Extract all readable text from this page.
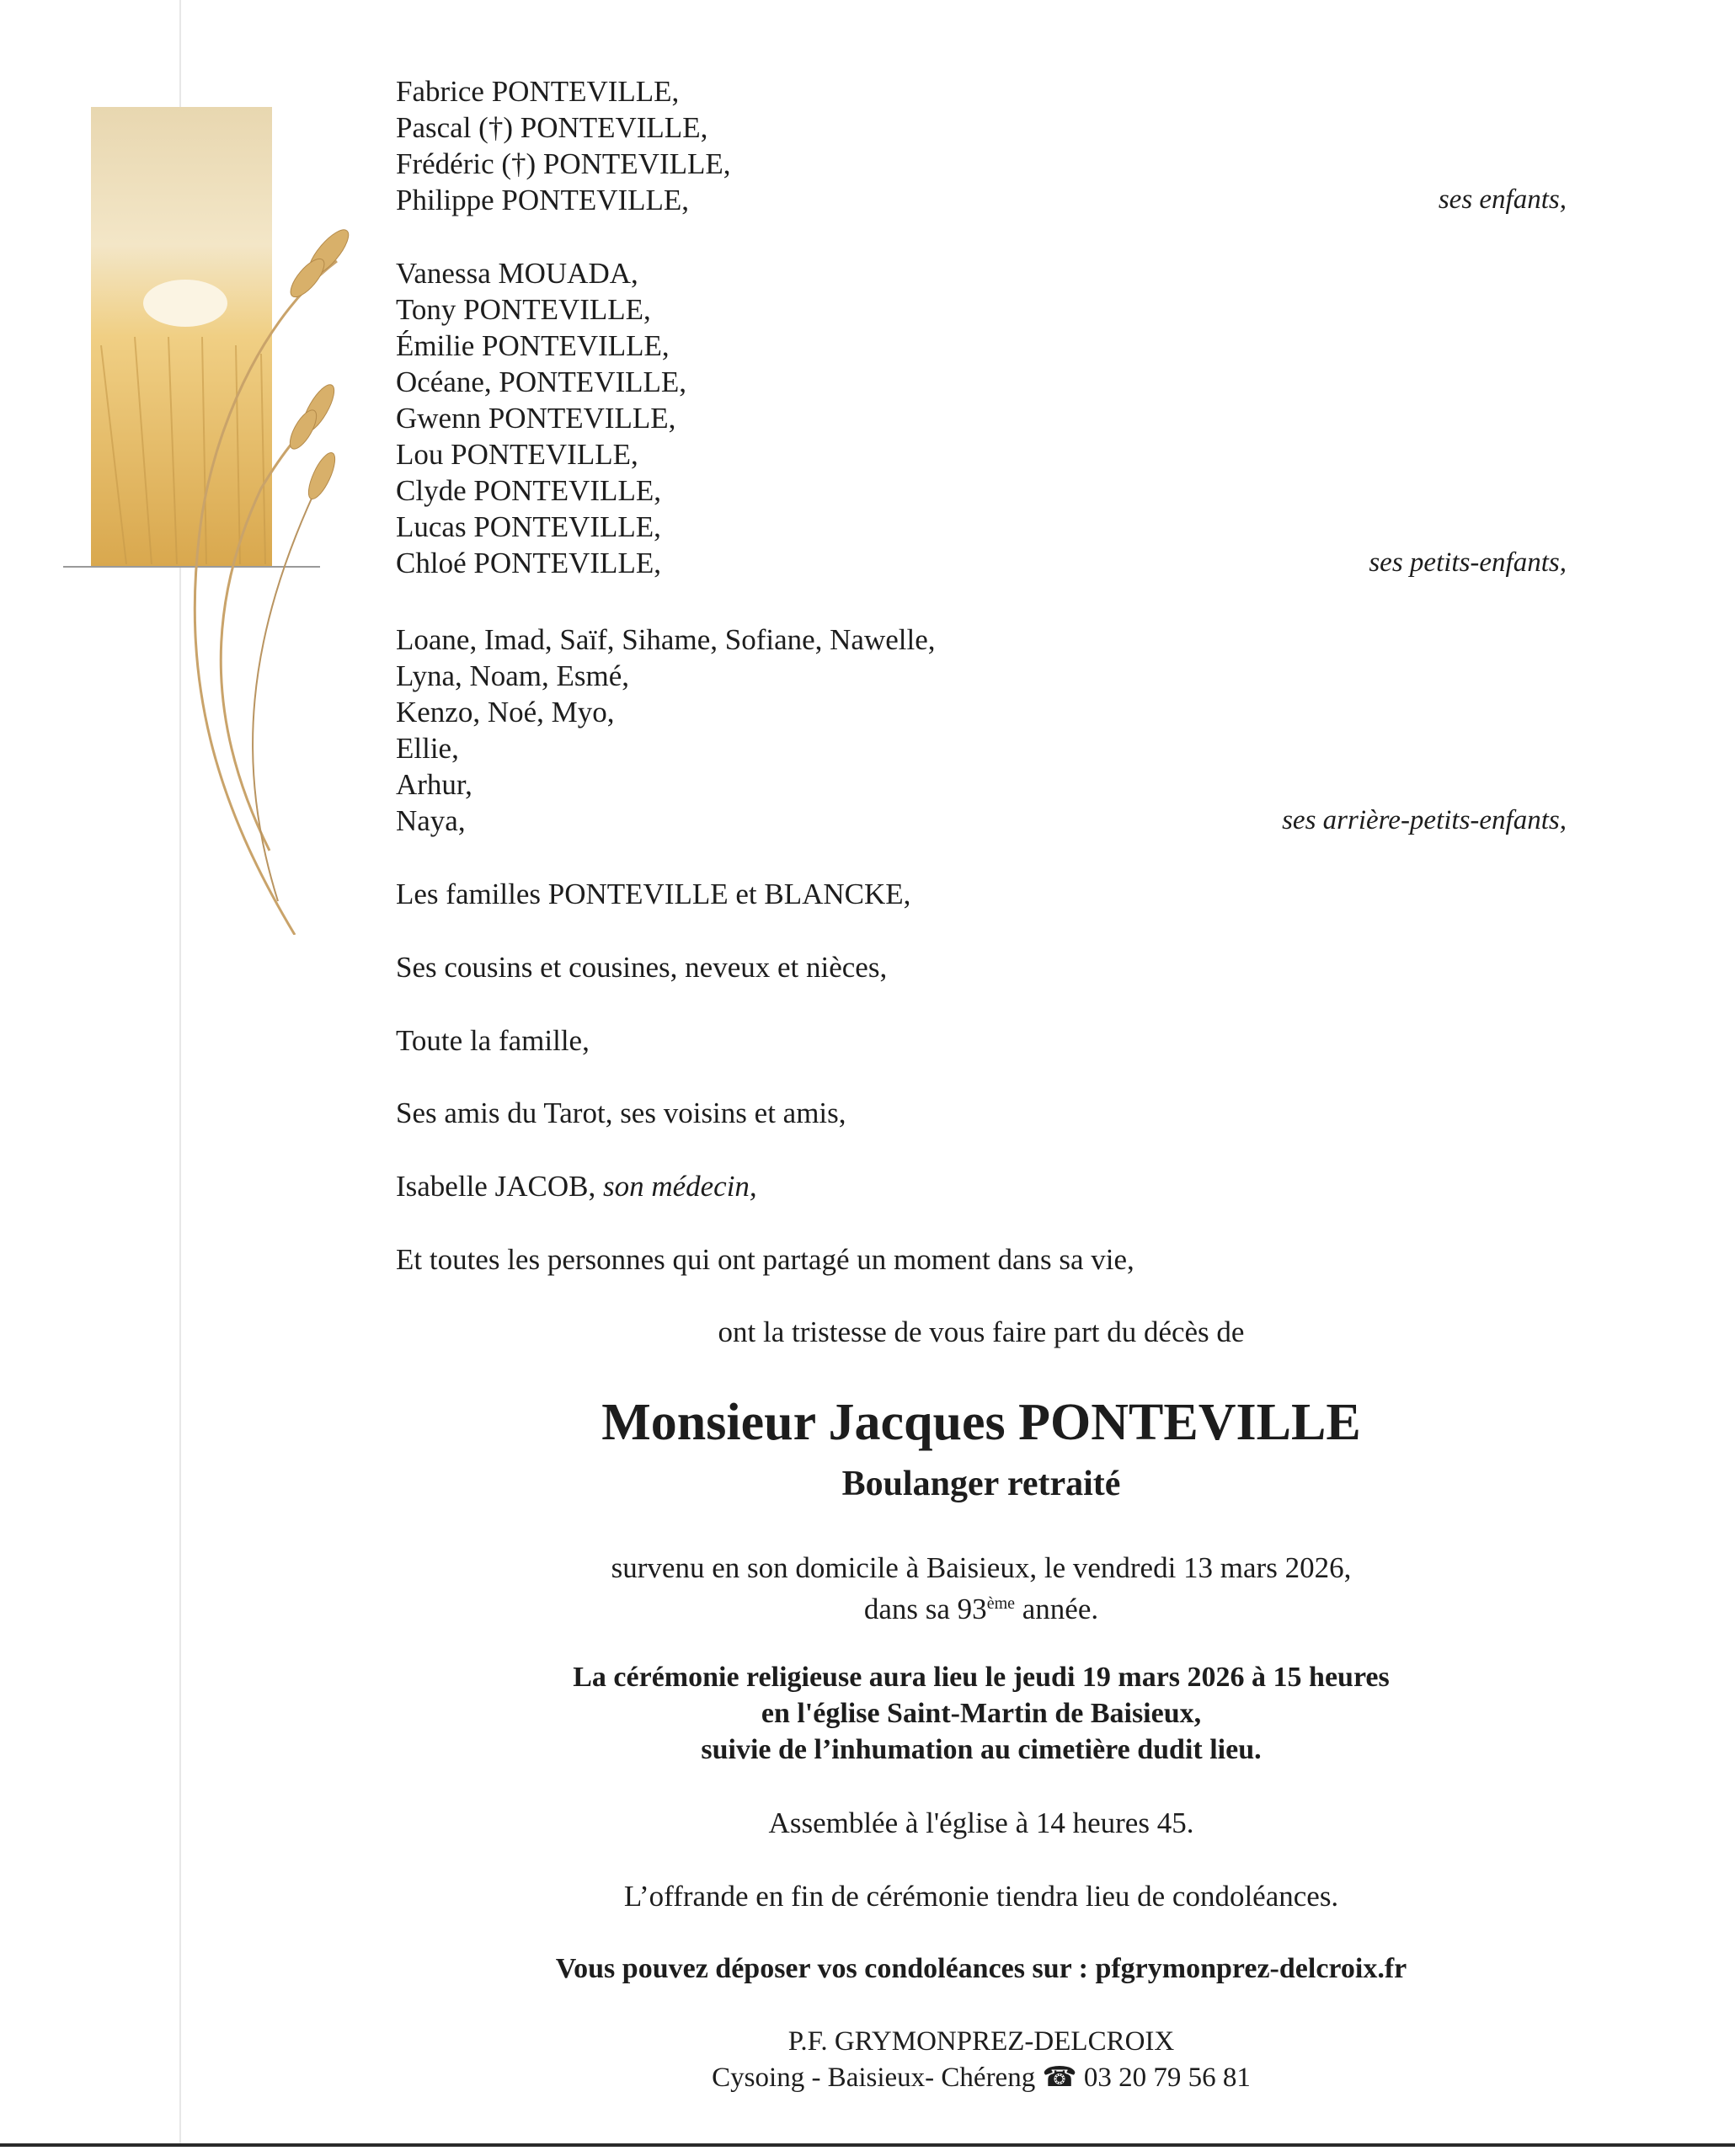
Fabrice PONTEVILLE,
Pascal (†) PONTEVILLE,
Frédéric (†) PONTEVILLE,
Philippe PONTEVILLE,	ses enfants,
Vanessa MOUADA,
Tony PONTEVILLE,
Émilie PONTEVILLE,
Océane, PONTEVILLE,
Gwenn PONTEVILLE,
Lou PONTEVILLE,
Clyde PONTEVILLE,
Lucas PONTEVILLE,
Chloé PONTEVILLE,	ses petits-enfants,
Loane, Imad, Saïf, Sihame, Sofiane, Nawelle,
Lyna, Noam, Esmé,
Kenzo, Noé, Myo,
Ellie,
Arhur,
Naya,	ses arrière-petits-enfants,
Les familles PONTEVILLE et BLANCKE,
Ses cousins et cousines, neveux et nièces,
Toute la famille,
Ses amis du Tarot, ses voisins et amis,
Isabelle JACOB, son médecin,
Et toutes les personnes qui ont partagé un moment dans sa vie,
ont la tristesse de vous faire part du décès de
Monsieur Jacques PONTEVILLE
Boulanger retraité
survenu en son domicile à Baisieux, le vendredi 13 mars 2026,
dans sa 93ème année.
La cérémonie religieuse aura lieu le jeudi 19 mars 2026 à 15 heures
en l'église Saint-Martin de Baisieux,
suivie de l’inhumation au cimetière dudit lieu.
Assemblée à l'église à 14 heures 45.
L’offrande en fin de cérémonie tiendra lieu de condoléances.
Vous pouvez déposer vos condoléances sur : pfgrymonprez-delcroix.fr
P.F. GRYMONPREZ-DELCROIX
Cysoing - Baisieux- Chéreng ☎ 03 20 79 56 81
